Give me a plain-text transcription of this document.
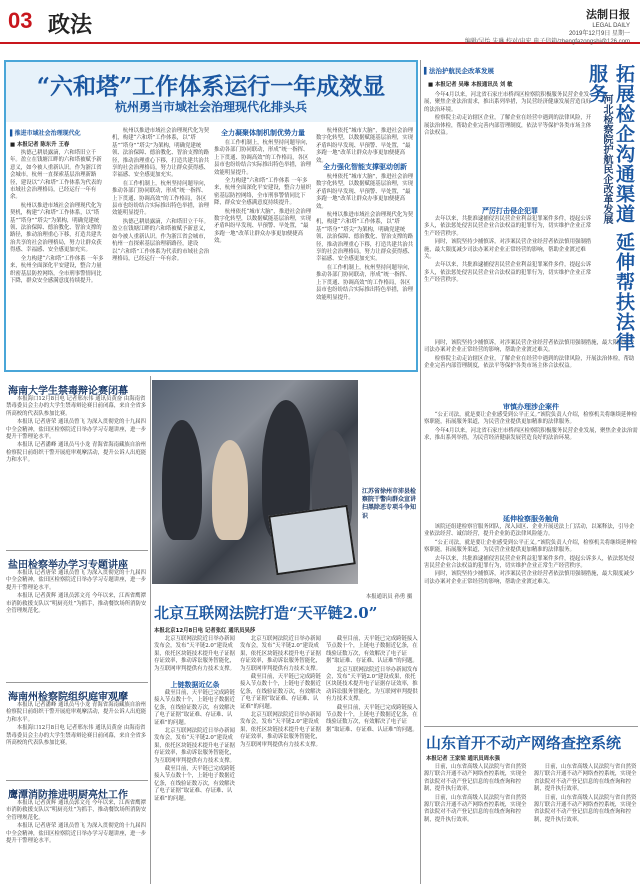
03 政法	法制日报
LEGAL DAILY
2019年12月9日 星期一
编辑/吴怡 朱琳 校对/申宏 电子信箱/zhengfazongshi@126.com
“六和塔”工作体系运行一年成效显
杭州勇当市域社会治理现代化排头兵
▌推进市域社会治理现代化
■ 本报记者 陈东升 王春

执德己耕晨露滴，六和塔旧立千年。盈立在钱塘江畔的六和塔被赋予新意义，如今被人重新认识。作为浙江省会城市，杭州一直探索基层治理新路径，建设以“六和塔”工作体系为代表的市域社会治理格局，已经运行一年有余。

杭州以推进市域社会治理现代化为契机，构建“六和塔”工作体系，以“塔基”“塔身”“塔尖”为架构，明确党建统领、法治保障、德治教化、智治支撑的路径，推动治理重心下移，打造共建共治共享的社会治理格局，努力让群众获得感、幸福感、安全感更加充实。

全力构建“六和塔”工作体系 一年多来，杭州全面深化平安建设，整合力量织密基层防控网络，全市刑事警情同比下降，群众安全感满意度持续提升。

杭州以推进市域社会治理现代化为契机，构建“六和塔”工作体系，以“塔基”“塔身”“塔尖”为架构，明确党建统领、法治保障、德治教化、智治支撑的路径，推动治理重心下移，打造共建共治共享的社会治理格局，努力让群众获得感、幸福感、安全感更加充实。

在工作机制上，杭州坚持问题导向，推动各部门协同联动，形成“统一指挥、上下贯通、协调高效”的工作格局，各区县市也纷纷结合实际推出特色举措，治理效能明显提升。

执德己耕晨露滴，六和塔旧立千年。盈立在钱塘江畔的六和塔被赋予新意义，如今被人重新认识。作为浙江省会城市，杭州一直探索基层治理新路径，建设以“六和塔”工作体系为代表的市域社会治理格局，已经运行一年有余。

全力凝聚体制机制优势力量

在工作机制上，杭州坚持问题导向，推动各部门协同联动，形成“统一指挥、上下贯通、协调高效”的工作格局，各区县市也纷纷结合实际推出特色举措，治理效能明显提升。

全力构建“六和塔”工作体系 一年多来，杭州全面深化平安建设，整合力量织密基层防控网络，全市刑事警情同比下降，群众安全感满意度持续提升。

杭州依托“城市大脑”，推进社会治理数字化转型，以数据赋能基层治理，实现矛盾纠纷早发现、早预警、早处置，“最多跑一地”改革让群众办事更加便捷高效。

全力强化智能支撑驱动创新

杭州依托“城市大脑”，推进社会治理数字化转型，以数据赋能基层治理，实现矛盾纠纷早发现、早预警、早处置，“最多跑一地”改革让群众办事更加便捷高效。

杭州依托“城市大脑”，推进社会治理数字化转型，以数据赋能基层治理，实现矛盾纠纷早发现、早预警、早处置，“最多跑一地”改革让群众办事更加便捷高效。

杭州以推进市域社会治理现代化为契机，构建“六和塔”工作体系，以“塔基”“塔身”“塔尖”为架构，明确党建统领、法治保障、德治教化、智治支撑的路径，推动治理重心下移，打造共建共治共享的社会治理格局，努力让群众获得感、幸福感、安全感更加充实。

在工作机制上，杭州坚持问题导向，推动各部门协同联动，形成“统一指挥、上下贯通、协调高效”的工作格局，各区县市也纷纷结合实际推出特色举措，治理效能明显提升。

▌法治护航民企改革发展
■ 本报记者 吴琳 本报通讯员 刘 敏

今年4月以来，河北省石家庄市桥西区检察院积极服务民营企业发展，聚焦企业法治需求，推出系列举措，为民营经济健康发展营造良好的法治环境。

检察院主动走访辖区企业，了解企业在经营中遇到的法律风险，开展法治体检，帮助企业完善内部管理制度，依法平等保护各类市场主体合法权益。

严厉打击侵企犯罪

去年以来，共批准逮捕侵害民营企业利益犯罪案件多件，提起公诉多人，依法惩处侵害民营企业合法权益的犯罪行为，切实维护企业正常生产经营秩序。

同时，该院坚持少捕慎诉，对涉案民营企业经营者依法慎用强制措施，最大限度减少司法办案对企业正常经营的影响，帮助企业渡过难关。

去年以来，共批准逮捕侵害民营企业利益犯罪案件多件，提起公诉多人，依法惩处侵害民营企业合法权益的犯罪行为，切实维护企业正常生产经营秩序。

同时，该院坚持少捕慎诉，对涉案民营企业经营者依法慎用强制措施，最大限度减少司法办案对企业正常经营的影响，帮助企业渡过难关。

检察院主动走访辖区企业，了解企业在经营中遇到的法律风险，开展法治体检，帮助企业完善内部管理制度，依法平等保护各类市场主体合法权益。

审慎办理涉企案件

“公正司法，就是要让企业感受到公平正义。”该院负责人介绍，检察机关将继续延伸检察职能，拓展服务渠道，为民营企业提供更加精准的法律服务。

今年4月以来，河北省石家庄市桥西区检察院积极服务民营企业发展，聚焦企业法治需求，推出系列举措，为民营经济健康发展营造良好的法治环境。

延伸检察服务触角

该院还组建检察官服务团队，深入园区、企业开展送法上门活动，以案释法，引导企业依法经营、诚信经营，提升企业防范法律风险能力。

“公正司法，就是要让企业感受到公平正义。”该院负责人介绍，检察机关将继续延伸检察职能，拓展服务渠道，为民营企业提供更加精准的法律服务。

去年以来，共批准逮捕侵害民营企业利益犯罪案件多件，提起公诉多人，依法惩处侵害民营企业合法权益的犯罪行为，切实维护企业正常生产经营秩序。

同时，该院坚持少捕慎诉，对涉案民营企业经营者依法慎用强制措施，最大限度减少司法办案对企业正常经营的影响，帮助企业渡过难关。

拓展检企沟通渠道 延伸帮扶法律服务
河北检察院护航民企改革发展
海南大学生禁毒辩论赛闭幕

本报海口12月8日电 记者邢东伟 通讯员黄奋 由海南省禁毒委员会主办的大学生禁毒辩论赛日前闭幕，来自全省多所高校的代表队参加比赛。

本报讯 记者唐荣 通讯员曾飞 为深入贯彻党的十九届四中全会精神，盐田区检察院近日举办学习专题讲座，进一步提升干警理论水平。

本报讯 记者潘峰 通讯员马小龙 青海省海南藏族自治州检察院日前组织干警开展庭审观摩活动，提升公诉人出庭能力和水平。

盐田检察举办学习专题讲座

本报讯 记者唐荣 通讯员曾飞 为深入贯彻党的十九届四中全会精神，盐田区检察院近日举办学习专题讲座，进一步提升干警理论水平。

本报讯 记者黄辉 通讯员郭文亮 今年以来，江西省鹰潭市消防救援支队以“明厨亮灶”为抓手，推动餐饮场所消防安全管理规范化。

海南州检察院组织庭审观摩

本报讯 记者潘峰 通讯员马小龙 青海省海南藏族自治州检察院日前组织干警开展庭审观摩活动，提升公诉人出庭能力和水平。

本报海口12月8日电 记者邢东伟 通讯员黄奋 由海南省禁毒委员会主办的大学生禁毒辩论赛日前闭幕，来自全省多所高校的代表队参加比赛。

鹰潭消防推进明厨亮灶工作

本报讯 记者黄辉 通讯员郭文亮 今年以来，江西省鹰潭市消防救援支队以“明厨亮灶”为抓手，推动餐饮场所消防安全管理规范化。

本报讯 记者唐荣 通讯员曾飞 为深入贯彻党的十九届四中全会精神，盐田区检察院近日举办学习专题讲座，进一步提升干警理论水平。

江苏省徐州市沛县检察院干警向群众宣讲扫黑除恶专项斗争知识
本报通讯员 孙勇 摄
北京互联网法院打造“天平链2.0”
本报北京12月8日电 记者张红 通讯员吴莎

北京互联网法院近日举办新闻发布会，发布“天平链2.0”建设成果，依托区块链技术提升电子证据存证效率，推动诉讼服务智能化，为互联网审判提供有力技术支撑。

上链数据近亿条

截至目前，天平链已完成跨链接入节点数十个，上链电子数据近亿条，在线验证数万次，有效解决了电子证据“取证难、存证难、认证难”的问题。

北京互联网法院近日举办新闻发布会，发布“天平链2.0”建设成果，依托区块链技术提升电子证据存证效率，推动诉讼服务智能化，为互联网审判提供有力技术支撑。

截至目前，天平链已完成跨链接入节点数十个，上链电子数据近亿条，在线验证数万次，有效解决了电子证据“取证难、存证难、认证难”的问题。

北京互联网法院近日举办新闻发布会，发布“天平链2.0”建设成果，依托区块链技术提升电子证据存证效率，推动诉讼服务智能化，为互联网审判提供有力技术支撑。

截至目前，天平链已完成跨链接入节点数十个，上链电子数据近亿条，在线验证数万次，有效解决了电子证据“取证难、存证难、认证难”的问题。

北京互联网法院近日举办新闻发布会，发布“天平链2.0”建设成果，依托区块链技术提升电子证据存证效率，推动诉讼服务智能化，为互联网审判提供有力技术支撑。

截至目前，天平链已完成跨链接入节点数十个，上链电子数据近亿条，在线验证数万次，有效解决了电子证据“取证难、存证难、认证难”的问题。

北京互联网法院近日举办新闻发布会，发布“天平链2.0”建设成果，依托区块链技术提升电子证据存证效率，推动诉讼服务智能化，为互联网审判提供有力技术支撑。

截至目前，天平链已完成跨链接入节点数十个，上链电子数据近亿条，在线验证数万次，有效解决了电子证据“取证难、存证难、认证难”的问题。

山东首开不动产网络查控系统
本报记者 王家梁 通讯员周永强

日前，山东省高级人民法院与省自然资源厅联合开通不动产网络查控系统，实现全省法院对不动产登记信息的在线查询和控制，提升执行效率。

日前，山东省高级人民法院与省自然资源厅联合开通不动产网络查控系统，实现全省法院对不动产登记信息的在线查询和控制，提升执行效率。

日前，山东省高级人民法院与省自然资源厅联合开通不动产网络查控系统，实现全省法院对不动产登记信息的在线查询和控制，提升执行效率。

日前，山东省高级人民法院与省自然资源厅联合开通不动产网络查控系统，实现全省法院对不动产登记信息的在线查询和控制，提升执行效率。
